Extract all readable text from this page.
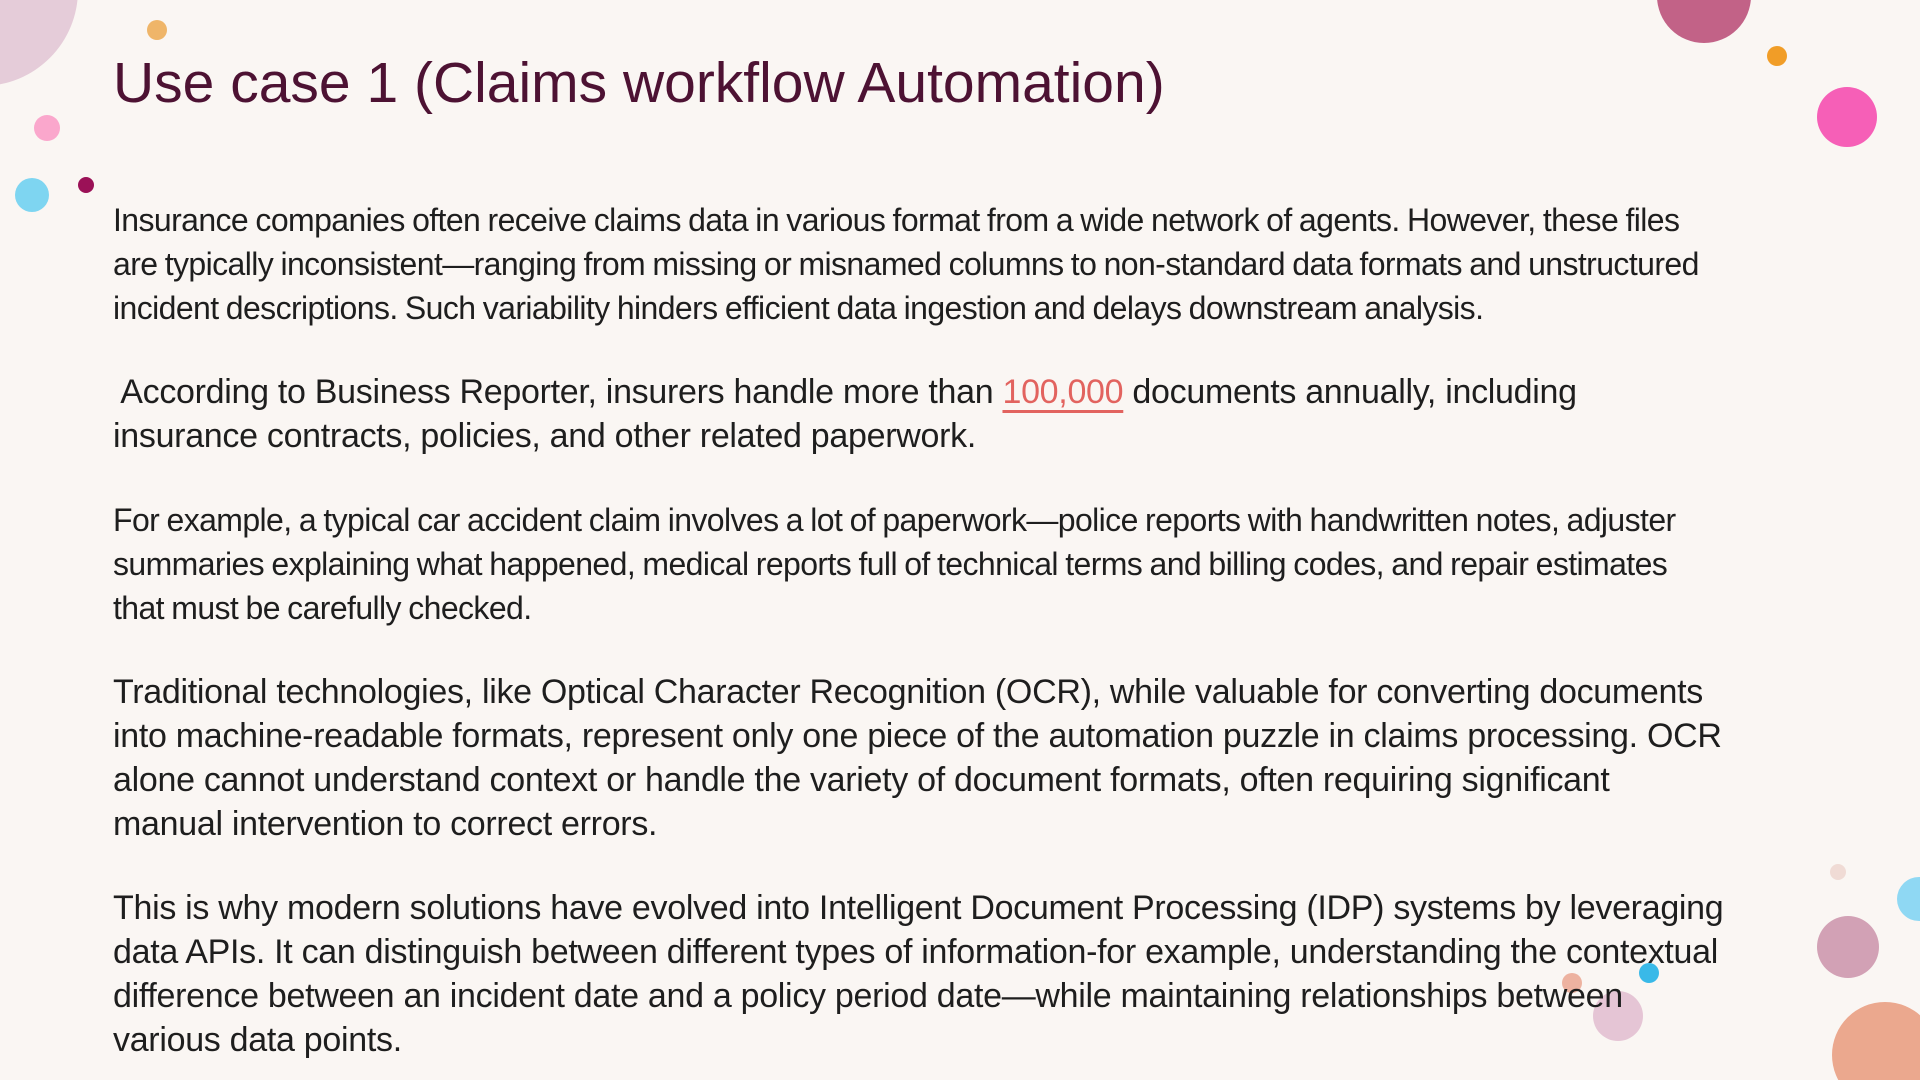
Use case 1 (Claims workflow Automation)

Insurance companies often receive claims data in various format from a wide network of agents. However, these files
are typically inconsistent—ranging from missing or misnamed columns to non-standard data formats and unstructured
incident descriptions. Such variability hinders efficient data ingestion and delays downstream analysis.

According to Business Reporter, insurers handle more than 100,000 documents annually, including
insurance contracts, policies, and other related paperwork.

For example, a typical car accident claim involves a lot of paperwork—police reports with handwritten notes, adjuster
summaries explaining what happened, medical reports full of technical terms and billing codes, and repair estimates
that must be carefully checked.

Traditional technologies, like Optical Character Recognition (OCR), while valuable for converting documents
into machine-readable formats, represent only one piece of the automation puzzle in claims processing. OCR
alone cannot understand context or handle the variety of document formats, often requiring significant
manual intervention to correct errors.

This is why modern solutions have evolved into Intelligent Document Processing (IDP) systems by leveraging
data APIs. It can distinguish between different types of information-for example, understanding the contextual
difference between an incident date and a policy period date—while maintaining relationships between
various data points.
